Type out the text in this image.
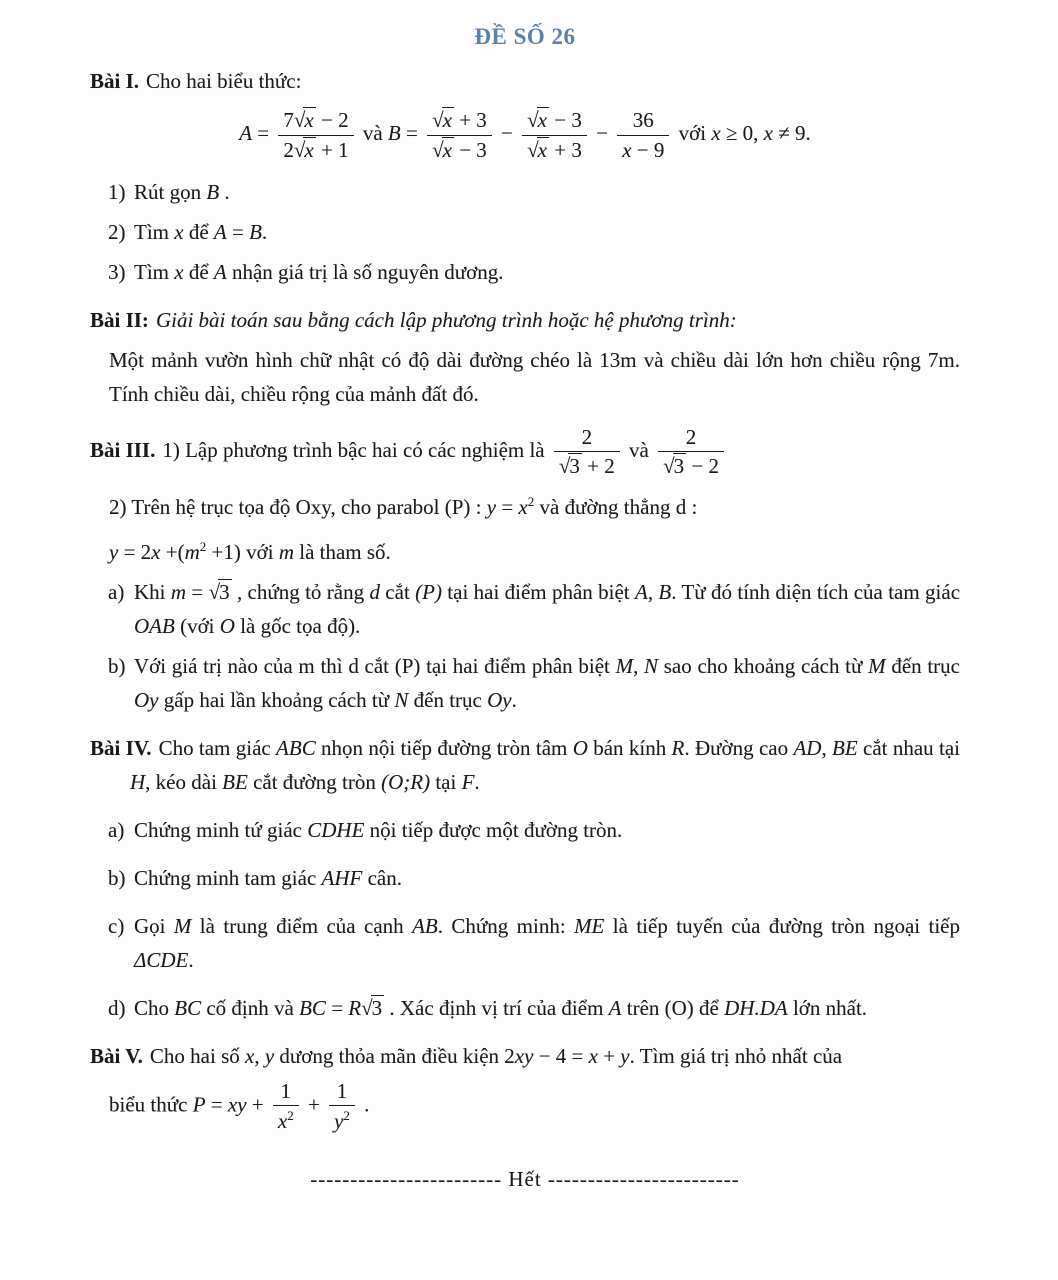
ĐỀ SỐ 26

Bài I. Cho hai biểu thức:

$A = \frac{7√x - 2}{2√x + 1}$ và $B = \frac{√x + 3}{√x - 3} - \frac{√x - 3}{√x + 3} - \frac{36}{x - 9}$ với x ≥ 0, x ≠ 9.
1) Rút gọn B .
2) Tìm x để A = B.
3) Tìm x để A nhận giá trị là số nguyên dương.

Bài II: Giải bài toán sau bằng cách lập phương trình hoặc hệ phương trình:

Một mảnh vườn hình chữ nhật có độ dài đường chéo là 13m và chiều dài lớn hơn chiều rộng 7m. Tính chiều dài, chiều rộng của mảnh đất đó.

Bài III. 1) Lập phương trình bậc hai có các nghiệm là $\frac{2}{√3 + 2}$ và $\frac{2}{√3 - 2}$

2) Trên hệ trục tọa độ Oxy, cho parabol (P) : $y = x^2$ và đường thẳng d :

$y = 2x +(m^2 +1)$ với m là tham số.

a) Khi m = √3 , chứng tỏ rằng d cắt (P) tại hai điểm phân biệt A, B. Từ đó tính diện tích của tam giác OAB (với O là gốc tọa độ).
b) Với giá trị nào của m thì d cắt (P) tại hai điểm phân biệt M, N sao cho khoảng cách từ M đến trục Oy gấp hai lần khoảng cách từ N đến trục Oy.

Bài IV. Cho tam giác ABC nhọn nội tiếp đường tròn tâm O bán kính R. Đường cao AD, BE cắt nhau tại H, kéo dài BE cắt đường tròn (O;R) tại F.

a) Chứng minh tứ giác CDHE nội tiếp được một đường tròn.
b) Chứng minh tam giác AHF cân.
c) Gọi M là trung điểm của cạnh AB. Chứng minh: ME là tiếp tuyến của đường tròn ngoại tiếp ΔCDE.
d) Cho BC cố định và BC = R√3 . Xác định vị trí của điểm A trên (O) để DH.DA lớn nhất.

Bài V. Cho hai số x, y dương thỏa mãn điều kiện 2xy − 4 = x + y. Tìm giá trị nhỏ nhất của

biểu thức P = xy + $\frac{1}{x^2} + \frac{1}{y^2}$ .

------------------------ Hết ------------------------
